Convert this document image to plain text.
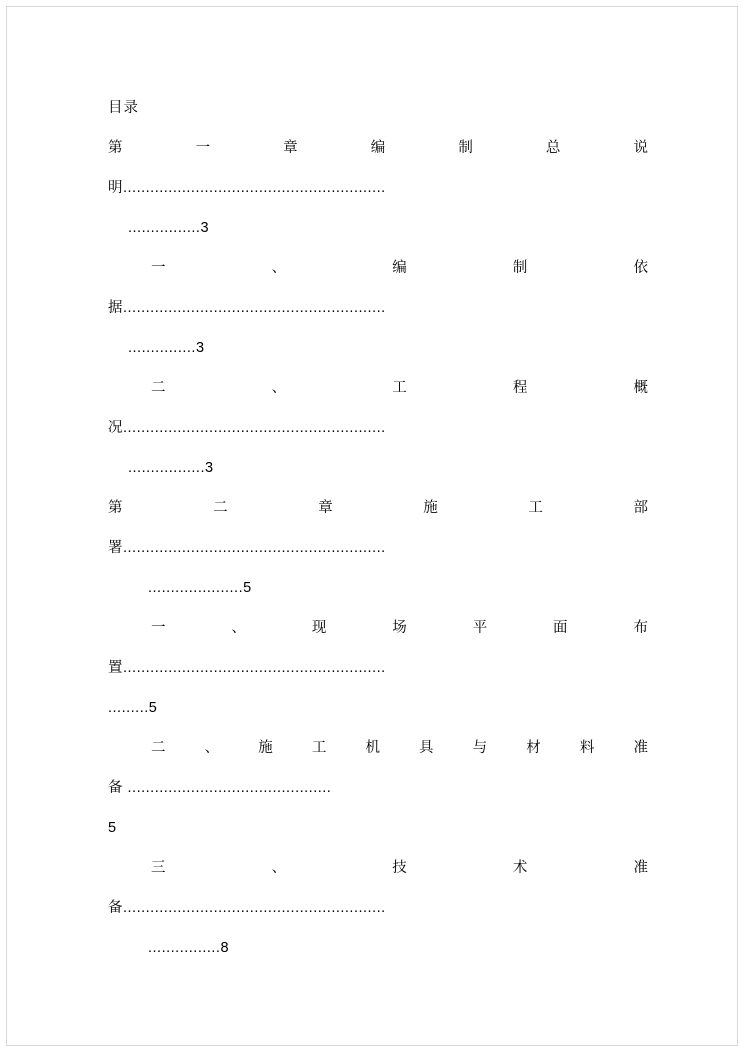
目录
第	一	章	编	制	总	说
明..........................................................
................3
一	、	编	制	依
据..........................................................
...............3
二	、	工	程	概
况..........................................................
.................3
第	二	章	施	工	部
署..........................................................
.....................5
一	、	现	场	平	面	布
置..........................................................
.........5
二	、	施	工	机	具	与	材	料	准
备 .............................................
5
三	、	技	术	准
备..........................................................
................8
